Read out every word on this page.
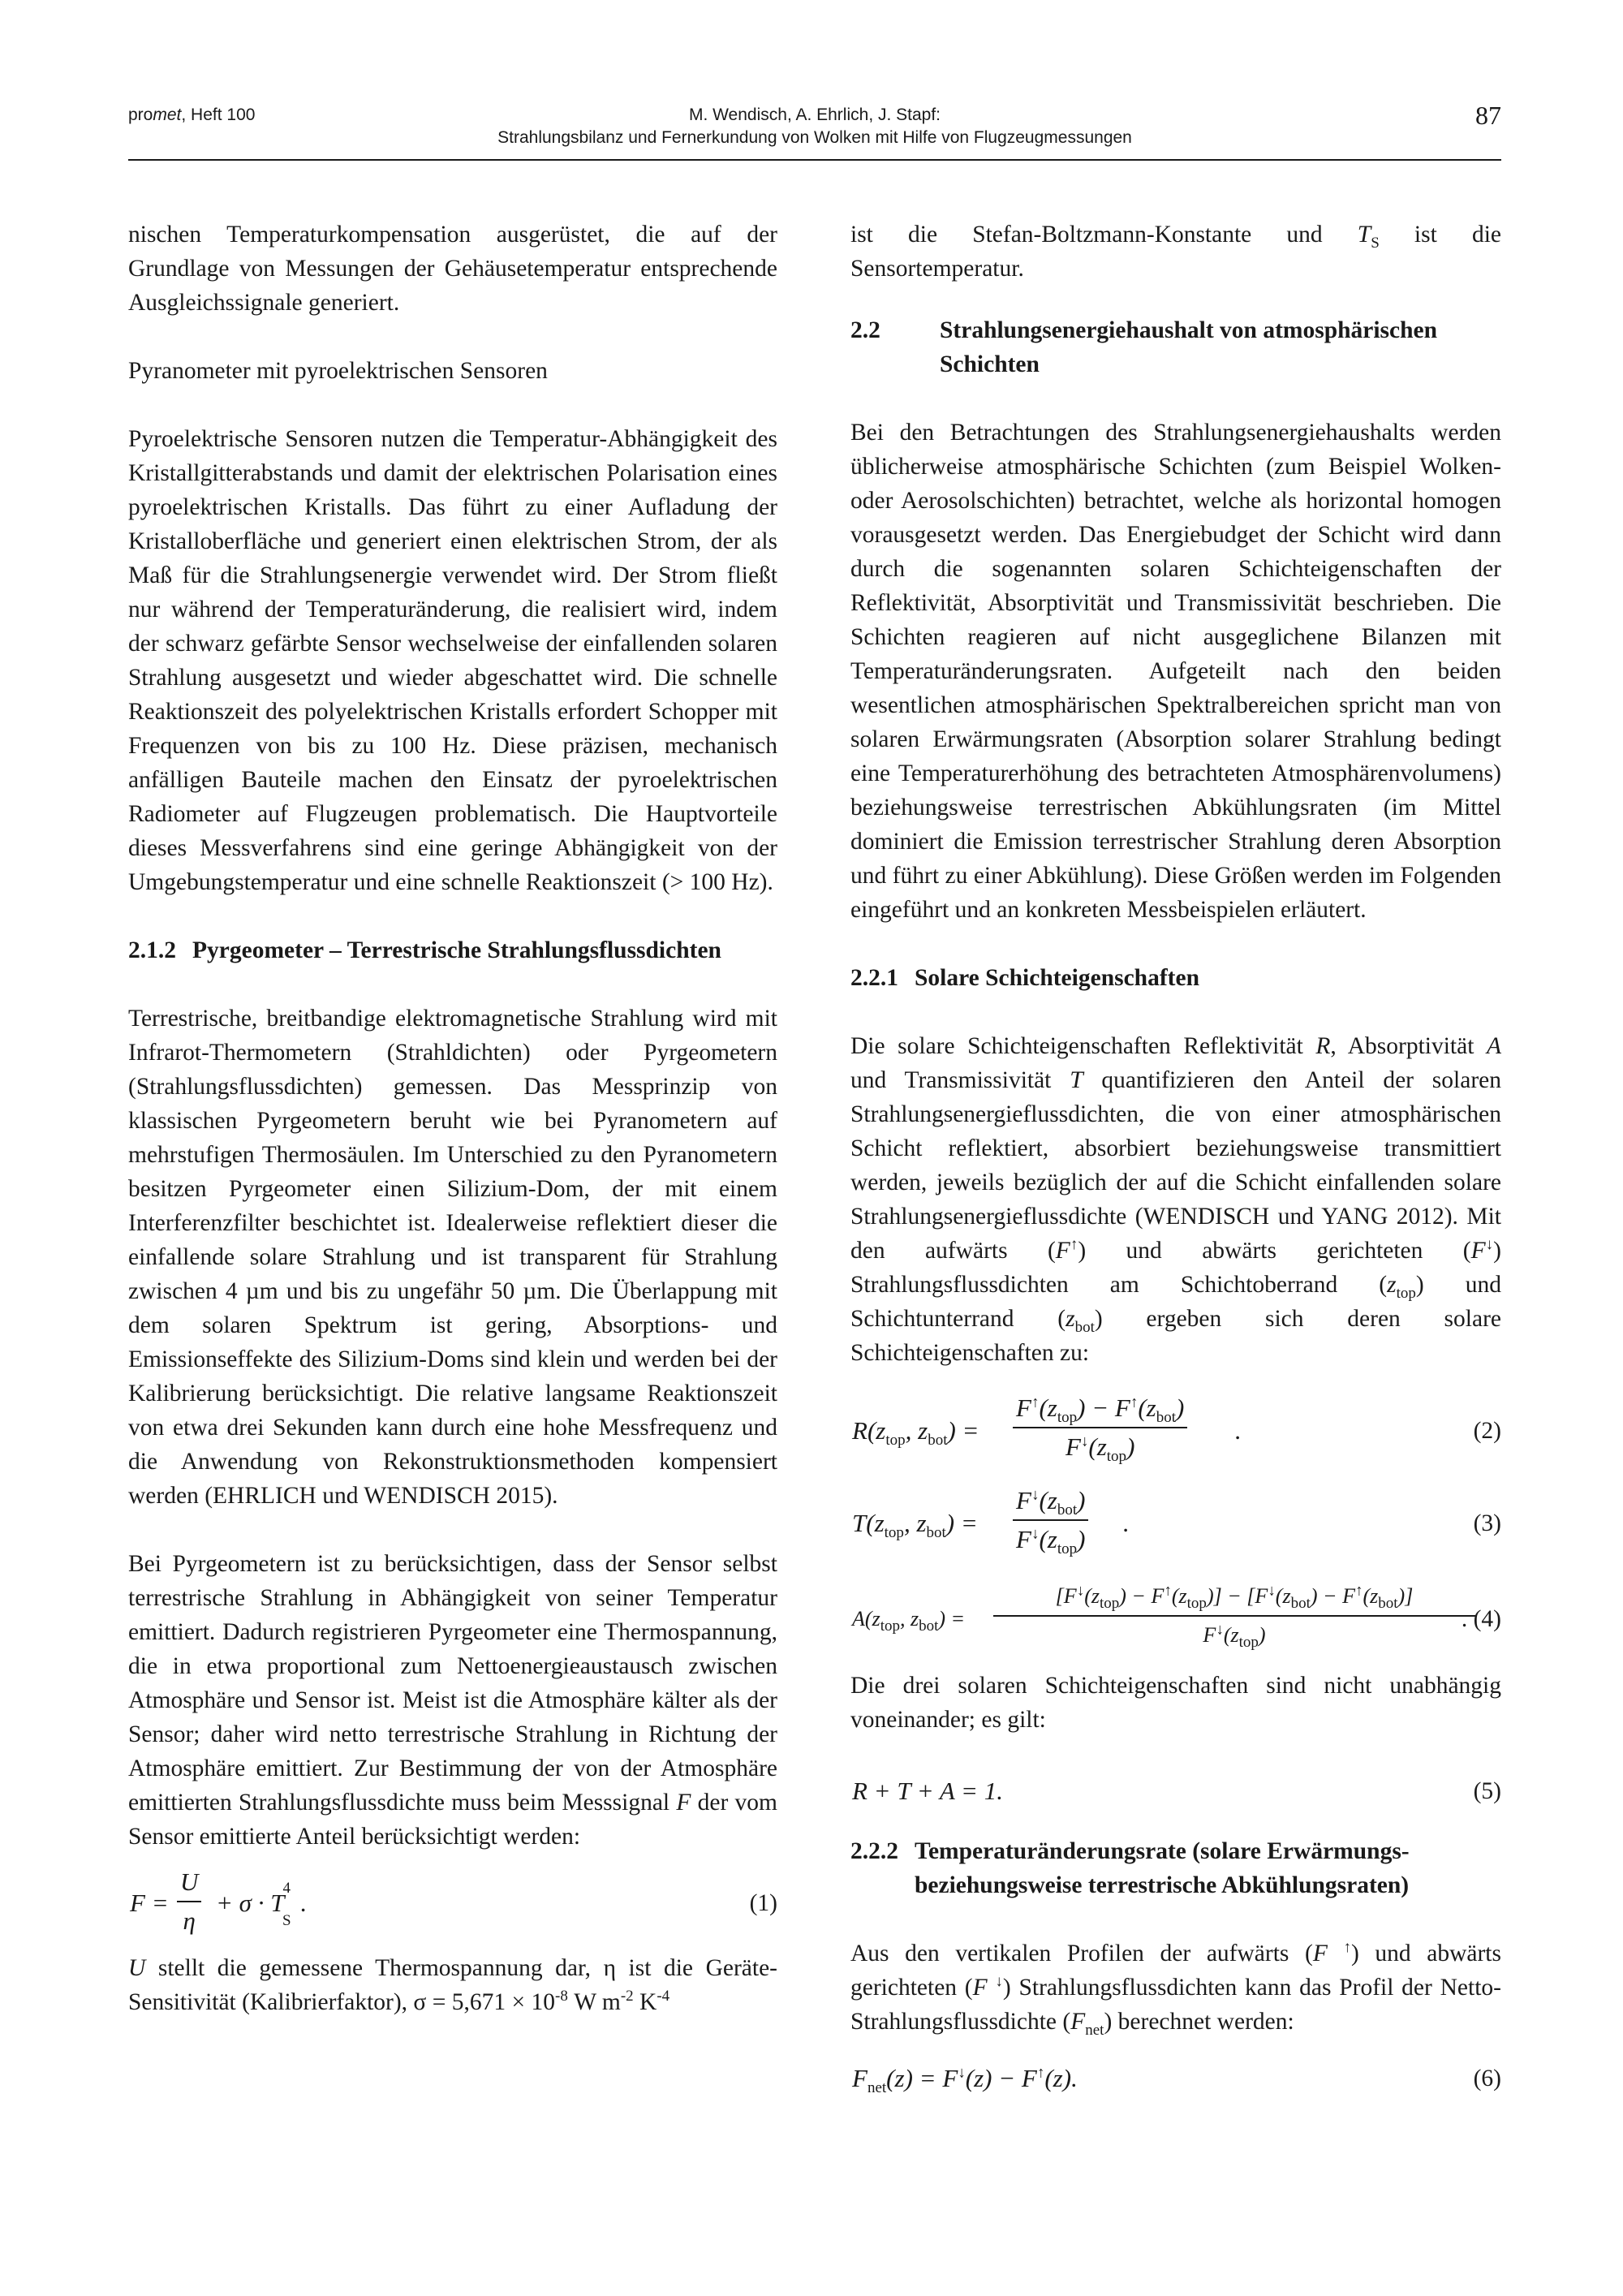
promet, Heft 100	M. Wendisch, A. Ehrlich, J. Stapf:
Strahlungsbilanz und Fernerkundung von Wolken mit Hilfe von Flugzeugmessungen
87

nischen Temperaturkompensation ausgerüstet, die auf der Grundlage von Messungen der Gehäusetemperatur entsprechende Ausgleichssignale generiert.

Pyranometer mit pyroelektrischen Sensoren

Pyroelektrische Sensoren nutzen die Temperatur-Abhängigkeit des Kristallgitterabstands und damit der elektrischen Polarisation eines pyroelektrischen Kristalls. Das führt zu einer Aufladung der Kristalloberfläche und generiert einen elektrischen Strom, der als Maß für die Strahlungsenergie verwendet wird. Der Strom fließt nur während der Temperaturänderung, die realisiert wird, indem der schwarz gefärbte Sensor wechselweise der einfallenden solaren Strahlung ausgesetzt und wieder abgeschattet wird. Die schnelle Reaktionszeit des polyelektrischen Kristalls erfordert Schopper mit Frequenzen von bis zu 100 Hz. Diese präzisen, mechanisch anfälligen Bauteile machen den Einsatz der pyroelektrischen Radiometer auf Flugzeugen problematisch. Die Hauptvorteile dieses Messverfahrens sind eine geringe Abhängigkeit von der Umgebungstemperatur und eine schnelle Reaktionszeit (> 100 Hz).

2.1.2 Pyrgeometer – Terrestrische Strahlungsflussdichten

Terrestrische, breitbandige elektromagnetische Strahlung wird mit Infrarot-Thermometern (Strahldichten) oder Pyrgeometern (Strahlungsflussdichten) gemessen. Das Messprinzip von klassischen Pyrgeometern beruht wie bei Pyranometern auf mehrstufigen Thermosäulen. Im Unterschied zu den Pyranometern besitzen Pyrgeometer einen Silizium-Dom, der mit einem Interferenzfilter beschichtet ist. Idealerweise reflektiert dieser die einfallende solare Strahlung und ist transparent für Strahlung zwischen 4 µm und bis zu ungefähr 50 µm. Die Überlappung mit dem solaren Spektrum ist gering, Absorptions- und Emissionseffekte des Silizium-Doms sind klein und werden bei der Kalibrierung berücksichtigt. Die relative langsame Reaktionszeit von etwa drei Sekunden kann durch eine hohe Messfrequenz und die Anwendung von Rekonstruktionsmethoden kompensiert werden (EHRLICH und WENDISCH 2015).

Bei Pyrgeometern ist zu berücksichtigen, dass der Sensor selbst terrestrische Strahlung in Abhängigkeit von seiner Temperatur emittiert. Dadurch registrieren Pyrgeometer eine Thermospannung, die in etwa proportional zum Nettoenergieaustausch zwischen Atmosphäre und Sensor ist. Meist ist die Atmosphäre kälter als der Sensor; daher wird netto terrestrische Strahlung in Richtung der Atmosphäre emittiert. Zur Bestimmung der von der Atmosphäre emittierten Strahlungsflussdichte muss beim Messsignal F der vom Sensor emittierte Anteil berücksichtigt werden:

$F = \frac{U}{\eta} + \sigma \cdot T^4_S$.	(1)

U stellt die gemessene Thermospannung dar, η ist die Geräte-Sensitivität (Kalibrierfaktor), $\sigma = 5,671 \times 10^{-8}$ W $m^{-2}$ $K^{-4}$

ist die Stefan-Boltzmann-Konstante und $T_S$ ist die Sensortemperatur.

2.2	Strahlungsenergiehaushalt von atmosphärischen Schichten

Bei den Betrachtungen des Strahlungsenergiehaushalts werden üblicherweise atmosphärische Schichten (zum Beispiel Wolken- oder Aerosolschichten) betrachtet, welche als horizontal homogen vorausgesetzt werden. Das Energiebudget der Schicht wird dann durch die sogenannten solaren Schichteigenschaften der Reflektivität, Absorptivität und Transmissivität beschrieben. Die Schichten reagieren auf nicht ausgeglichene Bilanzen mit Temperaturänderungsraten. Aufgeteilt nach den beiden wesentlichen atmosphärischen Spektralbereichen spricht man von solaren Erwärmungsraten (Absorption solarer Strahlung bedingt eine Temperaturerhöhung des betrachteten Atmosphärenvolumens) beziehungsweise terrestrischen Abkühlungsraten (im Mittel dominiert die Emission terrestrischer Strahlung deren Absorption und führt zu einer Abkühlung). Diese Größen werden im Folgenden eingeführt und an konkreten Messbeispielen erläutert.

2.2.1 Solare Schichteigenschaften

Die solare Schichteigenschaften Reflektivität R, Absorptivität A und Transmissivität T quantifizieren den Anteil der solaren Strahlungsenergieflussdichten, die von einer atmosphärischen Schicht reflektiert, absorbiert beziehungsweise transmittiert werden, jeweils bezüglich der auf die Schicht einfallenden solare Strahlungsenergieflussdichte (WENDISCH und YANG 2012). Mit den aufwärts (F↑) und abwärts gerichteten (F↓) Strahlungsflussdichten am Schichtoberrand $(z_{top})$ und Schichtunterrand $(z_{bot})$ ergeben sich deren solare Schichteigenschaften zu:

$R(z_{top}$, $z_{bot}$) =
$F^↑(z_{top}) - F^↑(z_{bot})$
$F^↓(z_{top})$
.	(2)
$T(z_{top}$, $z_{bot}$) =
$F^↓(z_{bot})$
$F^↓(z_{top})$
.	(3)
$A(z_{top}$, $z_{bot}$) =
$[F^↓(z_{top}) - F^↑(z_{top})] - [F^↓(z_{bot}) - F^↑(z_{bot})]$
$F^↓(z_{top})$
. (4)

Die drei solaren Schichteigenschaften sind nicht unabhängig voneinander; es gilt:

R + T + A = 1.	(5)
2.2.2 Temperaturänderungsrate (solare Erwärmungs- beziehungsweise terrestrische Abkühlungsraten)

Aus den vertikalen Profilen der aufwärts (F ↑) und abwärts gerichteten (F ↓) Strahlungsflussdichten kann das Profil der Netto-Strahlungsflussdichte $(F_{net})$ berechnet werden:

$F_{net}(z) = F^↓(z) - F^↑(z)$.	(6)
